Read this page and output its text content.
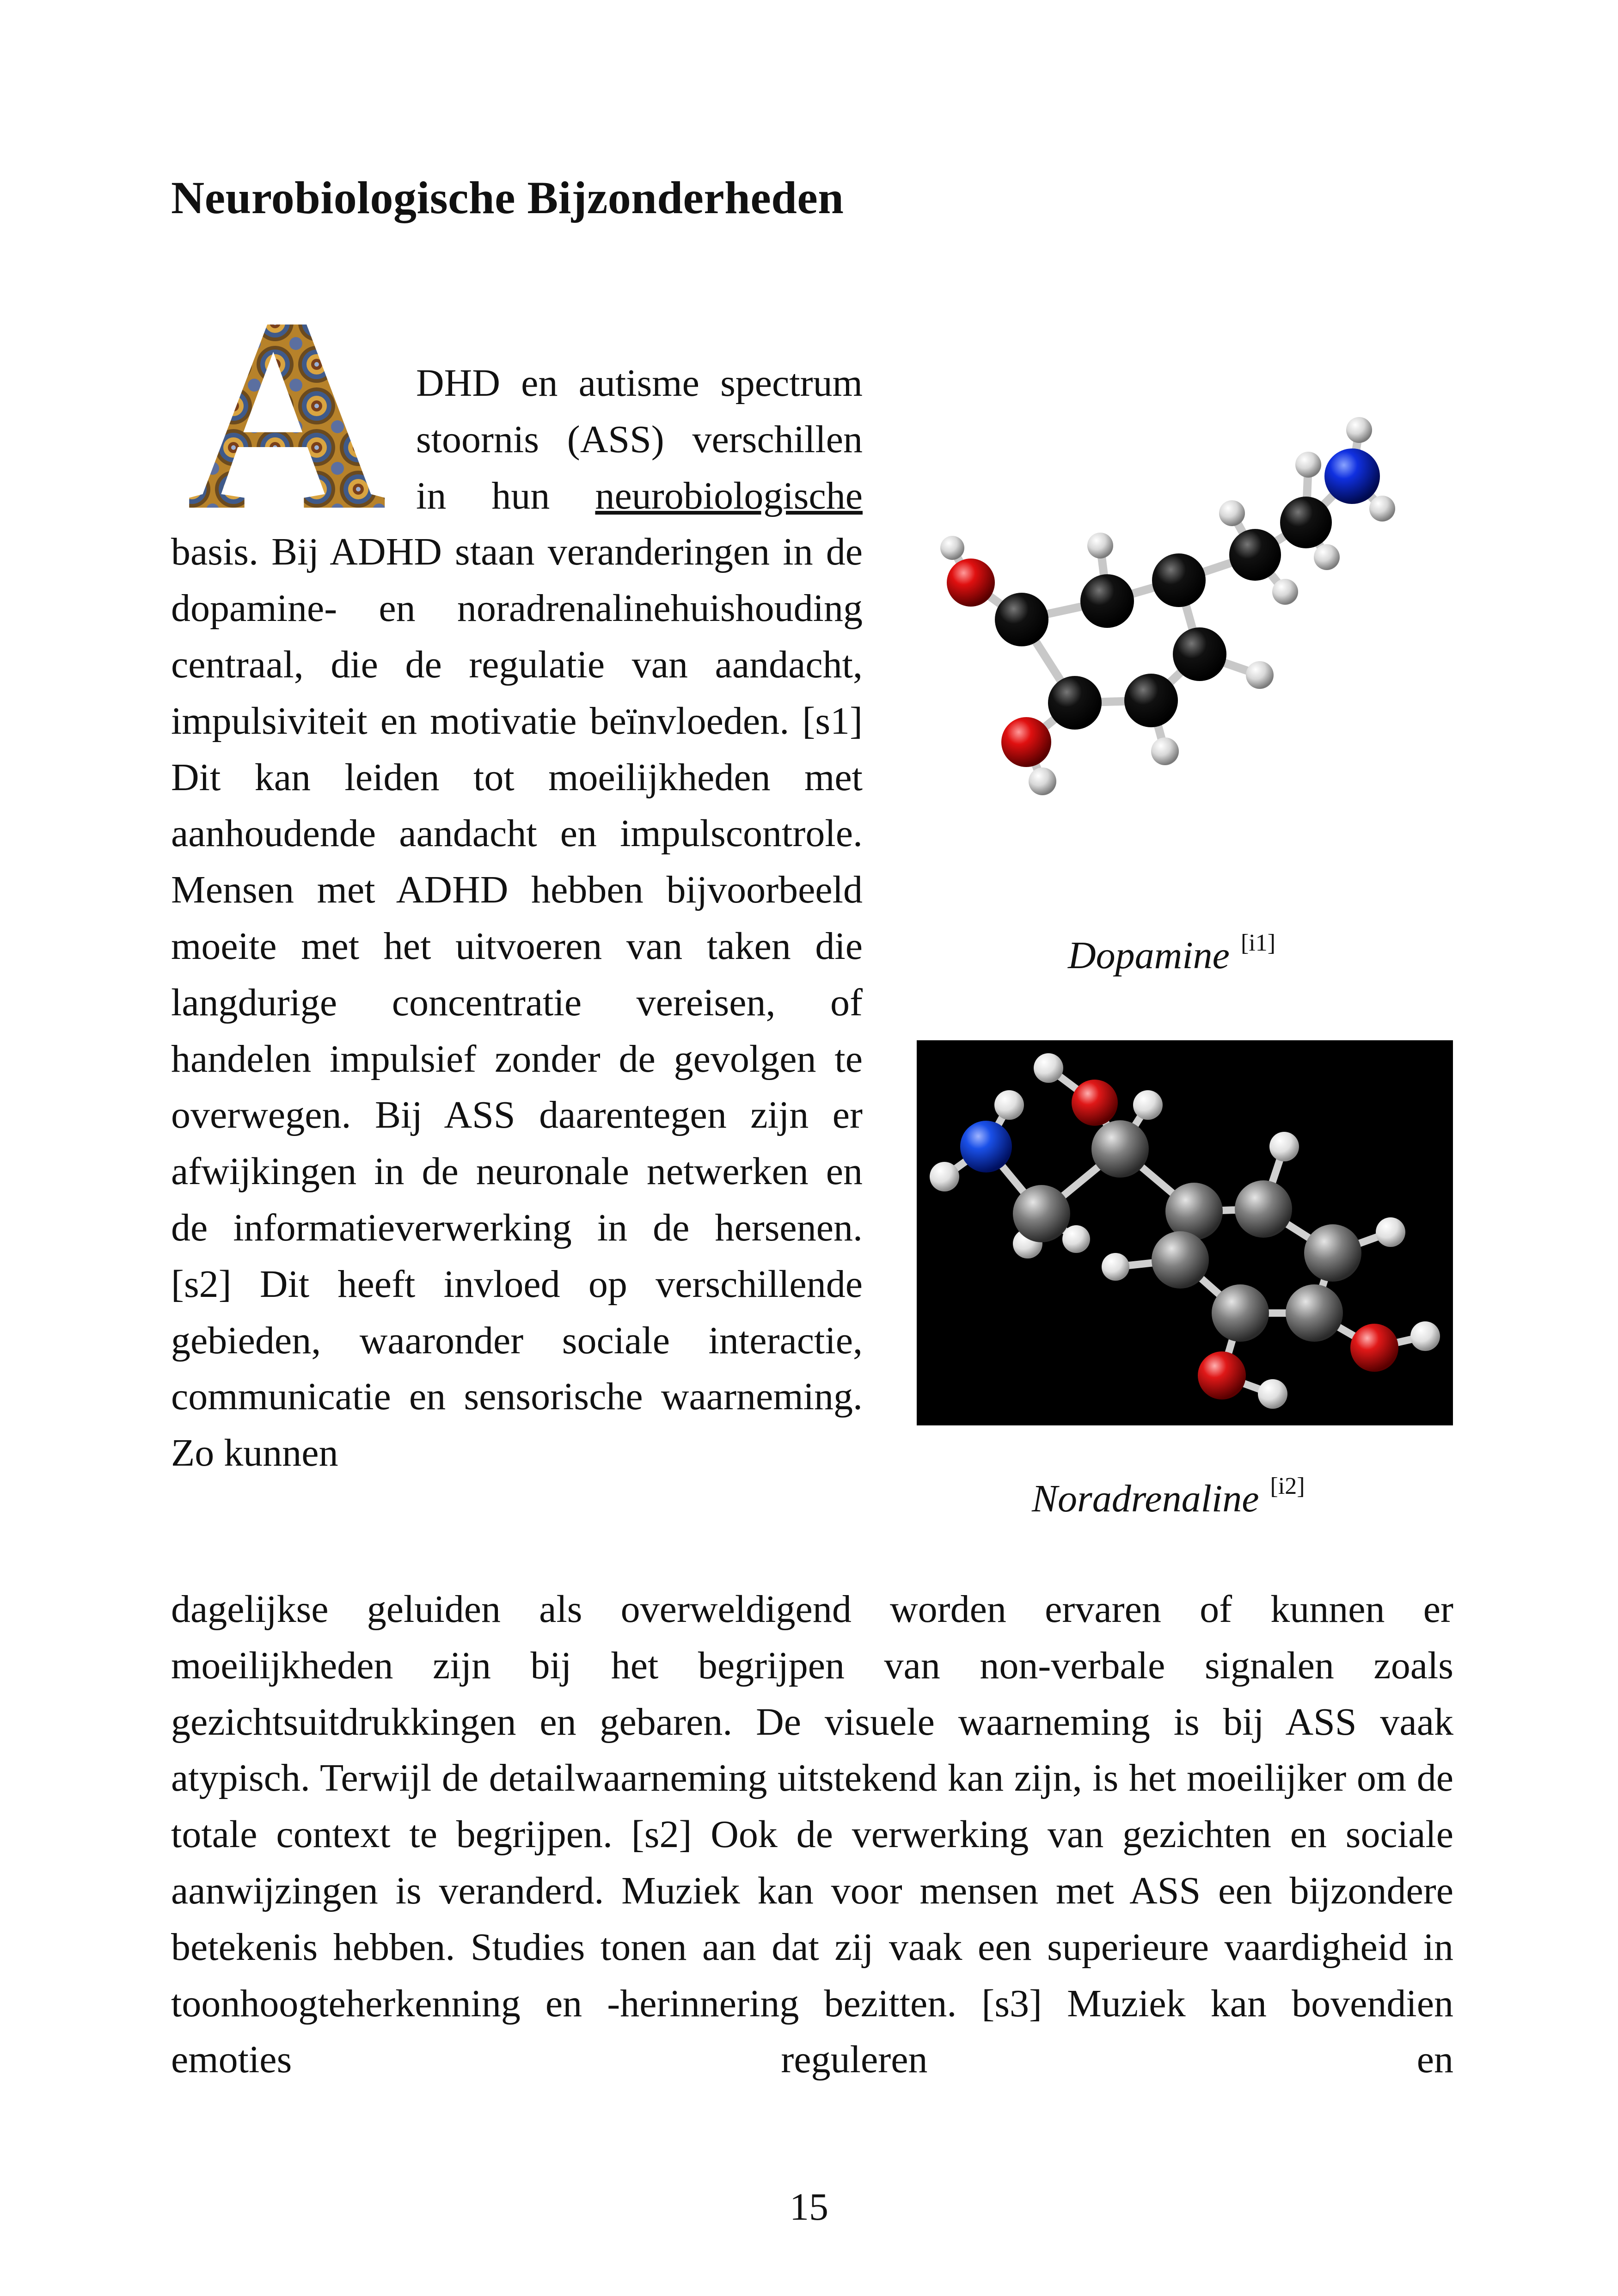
Neurobiologische Bijzonderheden

DHD en autisme spectrum stoornis (ASS) verschillen in hun neurobiologische basis. Bij ADHD staan veranderingen in de dopamine- en noradrenalinehuishouding centraal, die de regulatie van aandacht, impulsiviteit en motivatie beïnvloeden. [s1] Dit kan leiden tot moeilijkheden met aanhoudende aandacht en impulscontrole. Mensen met ADHD hebben bijvoorbeeld moeite met het uitvoeren van taken die langdurige concentratie vereisen, of handelen impulsief zonder de gevolgen te overwegen. Bij ASS daarentegen zijn er afwijkingen in de neuronale netwerken en de informatieverwerking in de hersenen. [s2] Dit heeft invloed op verschillende gebieden, waaronder sociale interactie, communicatie en sensorische waarneming. Zo kunnen

Dopamine [i1]
Noradrenaline [i2]

dagelijkse geluiden als overweldigend worden ervaren of kunnen er moeilijkheden zijn bij het begrijpen van non-verbale signalen zoals gezichtsuitdrukkingen en gebaren. De visuele waarneming is bij ASS vaak atypisch. Terwijl de detailwaarneming uitstekend kan zijn, is het moeilijker om de totale context te begrijpen. [s2] Ook de verwerking van gezichten en sociale aanwijzingen is veranderd. Muziek kan voor mensen met ASS een bijzondere betekenis hebben. Studies tonen aan dat zij vaak een superieure vaardigheid in toonhoogteherkenning en -herinnering bezitten. [s3] Muziek kan bovendien emoties reguleren en

15
